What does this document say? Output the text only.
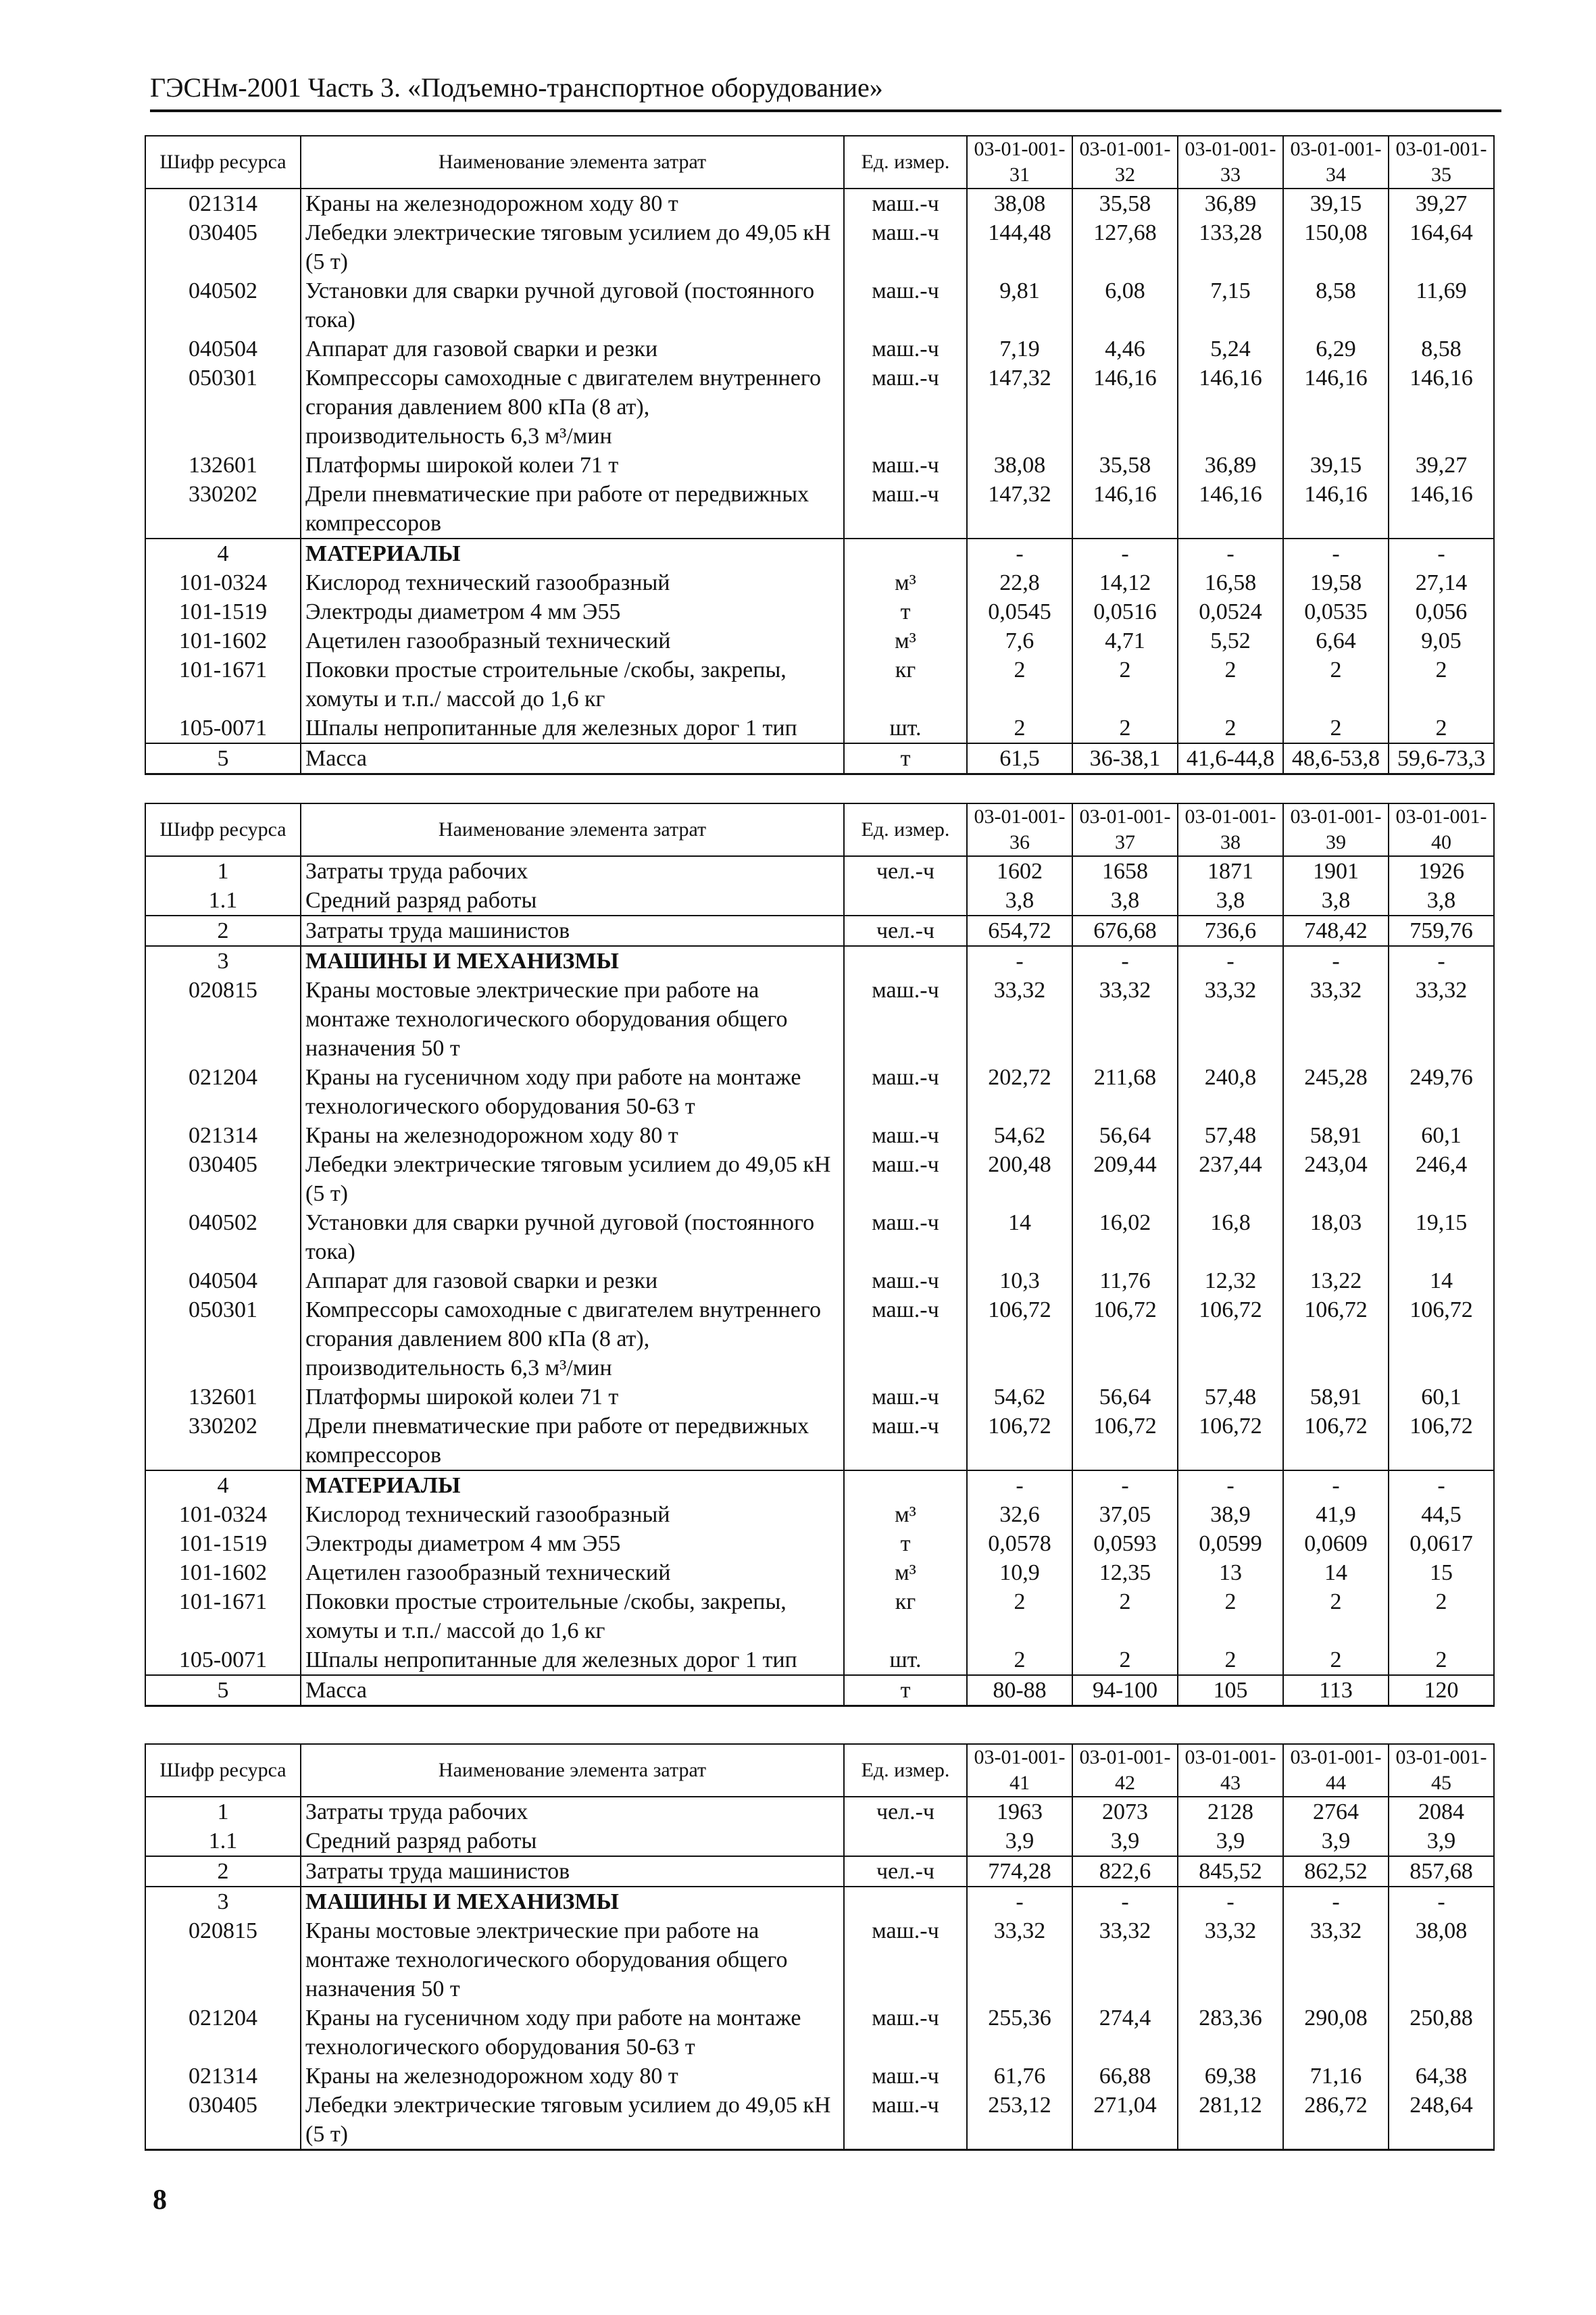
ГЭСНм-2001 Часть 3. «Подъемно-транспортное оборудование»
Шифр ресурса	Наименование элемента затрат	Ед. измер.	03-01-001-31	03-01-001-32	03-01-001-33	03-01-001-34	03-01-001-35
021314	Краны на железнодорожном ходу 80 т	маш.-ч	38,08	35,58	36,89	39,15	39,27
030405	Лебедки электрические тяговым усилием до 49,05 кН (5 т)	маш.-ч	144,48	127,68	133,28	150,08	164,64
040502	Установки для сварки ручной дуговой (постоянного тока)	маш.-ч	9,81	6,08	7,15	8,58	11,69
040504	Аппарат для газовой сварки и резки	маш.-ч	7,19	4,46	5,24	6,29	8,58
050301	Компрессоры самоходные с двигателем внутреннего сгорания давлением 800 кПа (8 ат), производительность 6,3 м³/мин	маш.-ч	147,32	146,16	146,16	146,16	146,16
132601	Платформы широкой колеи 71 т	маш.-ч	38,08	35,58	36,89	39,15	39,27
330202	Дрели пневматические при работе от передвижных компрессоров	маш.-ч	147,32	146,16	146,16	146,16	146,16
4	МАТЕРИАЛЫ		-	-	-	-	-
101-0324	Кислород технический газообразный	м³	22,8	14,12	16,58	19,58	27,14
101-1519	Электроды диаметром 4 мм Э55	т	0,0545	0,0516	0,0524	0,0535	0,056
101-1602	Ацетилен газообразный технический	м³	7,6	4,71	5,52	6,64	9,05
101-1671	Поковки простые строительные /скобы, закрепы, хомуты и т.п./ массой до 1,6 кг	кг	2	2	2	2	2
105-0071	Шпалы непропитанные для железных дорог 1 тип	шт.	2	2	2	2	2
5	Масса	т	61,5	36-38,1	41,6-44,8	48,6-53,8	59,6-73,3
Шифр ресурса	Наименование элемента затрат	Ед. измер.	03-01-001-36	03-01-001-37	03-01-001-38	03-01-001-39	03-01-001-40
1	Затраты труда рабочих	чел.-ч	1602	1658	1871	1901	1926
1.1	Средний разряд работы		3,8	3,8	3,8	3,8	3,8
2	Затраты труда машинистов	чел.-ч	654,72	676,68	736,6	748,42	759,76
3	МАШИНЫ И МЕХАНИЗМЫ		-	-	-	-	-
020815	Краны мостовые электрические при работе на монтаже технологического оборудования общего назначения 50 т	маш.-ч	33,32	33,32	33,32	33,32	33,32
021204	Краны на гусеничном ходу при работе на монтаже технологического оборудования 50-63 т	маш.-ч	202,72	211,68	240,8	245,28	249,76
021314	Краны на железнодорожном ходу 80 т	маш.-ч	54,62	56,64	57,48	58,91	60,1
030405	Лебедки электрические тяговым усилием до 49,05 кН (5 т)	маш.-ч	200,48	209,44	237,44	243,04	246,4
040502	Установки для сварки ручной дуговой (постоянного тока)	маш.-ч	14	16,02	16,8	18,03	19,15
040504	Аппарат для газовой сварки и резки	маш.-ч	10,3	11,76	12,32	13,22	14
050301	Компрессоры самоходные с двигателем внутреннего сгорания давлением 800 кПа (8 ат), производительность 6,3 м³/мин	маш.-ч	106,72	106,72	106,72	106,72	106,72
132601	Платформы широкой колеи 71 т	маш.-ч	54,62	56,64	57,48	58,91	60,1
330202	Дрели пневматические при работе от передвижных компрессоров	маш.-ч	106,72	106,72	106,72	106,72	106,72
4	МАТЕРИАЛЫ		-	-	-	-	-
101-0324	Кислород технический газообразный	м³	32,6	37,05	38,9	41,9	44,5
101-1519	Электроды диаметром 4 мм Э55	т	0,0578	0,0593	0,0599	0,0609	0,0617
101-1602	Ацетилен газообразный технический	м³	10,9	12,35	13	14	15
101-1671	Поковки простые строительные /скобы, закрепы, хомуты и т.п./ массой до 1,6 кг	кг	2	2	2	2	2
105-0071	Шпалы непропитанные для железных дорог 1 тип	шт.	2	2	2	2	2
5	Масса	т	80-88	94-100	105	113	120
Шифр ресурса	Наименование элемента затрат	Ед. измер.	03-01-001-41	03-01-001-42	03-01-001-43	03-01-001-44	03-01-001-45
1	Затраты труда рабочих	чел.-ч	1963	2073	2128	2764	2084
1.1	Средний разряд работы		3,9	3,9	3,9	3,9	3,9
2	Затраты труда машинистов	чел.-ч	774,28	822,6	845,52	862,52	857,68
3	МАШИНЫ И МЕХАНИЗМЫ		-	-	-	-	-
020815	Краны мостовые электрические при работе на монтаже технологического оборудования общего назначения 50 т	маш.-ч	33,32	33,32	33,32	33,32	38,08
021204	Краны на гусеничном ходу при работе на монтаже технологического оборудования 50-63 т	маш.-ч	255,36	274,4	283,36	290,08	250,88
021314	Краны на железнодорожном ходу 80 т	маш.-ч	61,76	66,88	69,38	71,16	64,38
030405	Лебедки электрические тяговым усилием до 49,05 кН (5 т)	маш.-ч	253,12	271,04	281,12	286,72	248,64
8
